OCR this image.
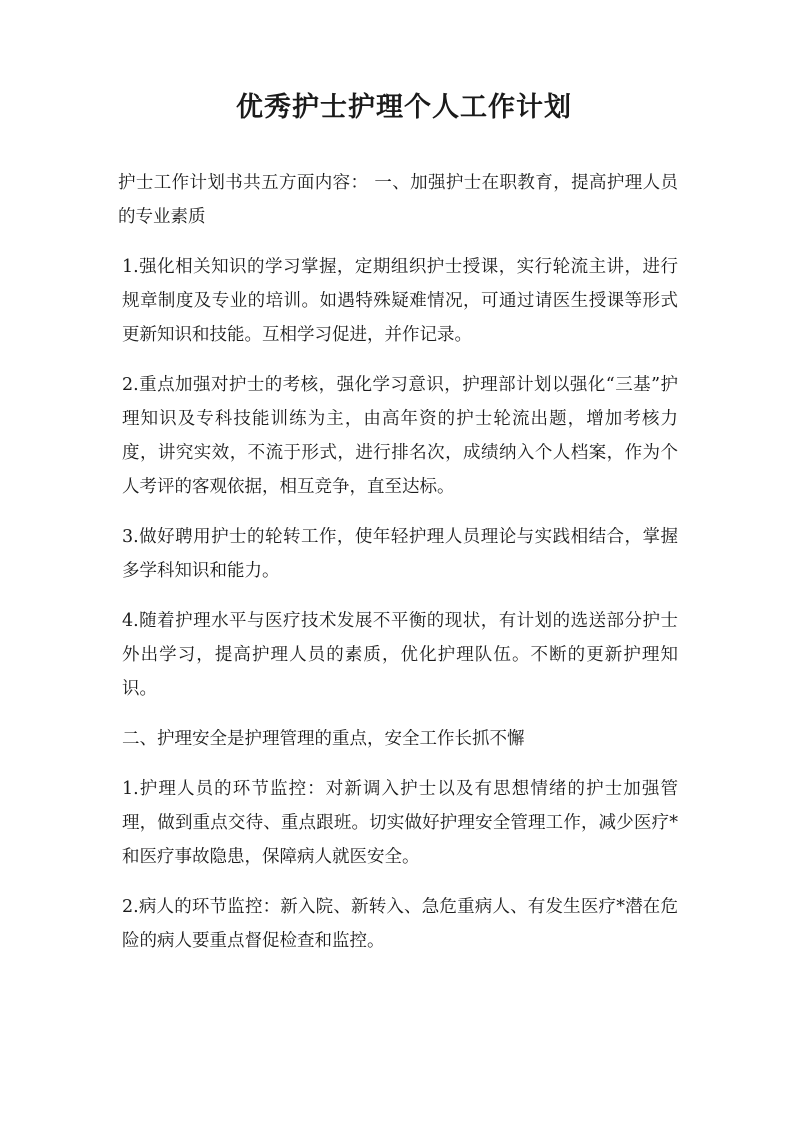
优秀护士护理个人工作计划

护士工作计划书共五方面内容： 一、加强护士在职教育，提高护理人员的专业素质

1.强化相关知识的学习掌握，定期组织护士授课，实行轮流主讲，进行规章制度及专业的培训。如遇特殊疑难情况，可通过请医生授课等形式更新知识和技能。互相学习促进，并作记录。

2.重点加强对护士的考核，强化学习意识，护理部计划以强化“三基”护理知识及专科技能训练为主，由高年资的护士轮流出题，增加考核力度，讲究实效，不流于形式，进行排名次，成绩纳入个人档案，作为个人考评的客观依据，相互竞争，直至达标。

3.做好聘用护士的轮转工作，使年轻护理人员理论与实践相结合，掌握多学科知识和能力。

4.随着护理水平与医疗技术发展不平衡的现状，有计划的选送部分护士外出学习，提高护理人员的素质，优化护理队伍。不断的更新护理知识。

二、护理安全是护理管理的重点，安全工作长抓不懈

1.护理人员的环节监控：对新调入护士以及有思想情绪的护士加强管理，做到重点交待、重点跟班。切实做好护理安全管理工作，减少医疗*和医疗事故隐患，保障病人就医安全。

2.病人的环节监控：新入院、新转入、急危重病人、有发生医疗*潜在危险的病人要重点督促检查和监控。
